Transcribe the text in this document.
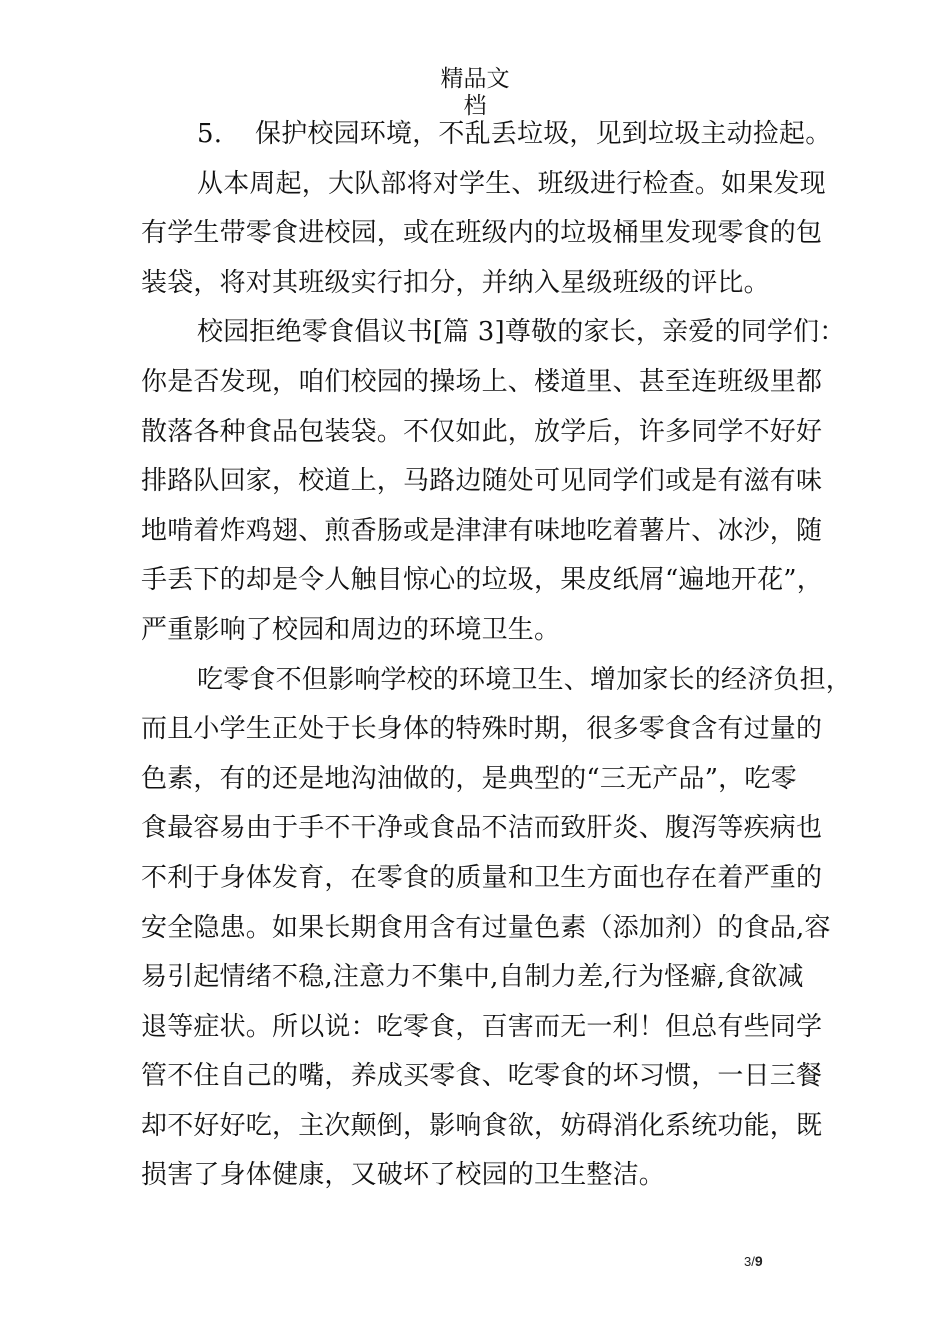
精品文
档
5. 保护校园环境，不乱丢垃圾，见到垃圾主动捡起。
从本周起，大队部将对学生、班级进行检查。如果发现
有学生带零食进校园，或在班级内的垃圾桶里发现零食的包
装袋，将对其班级实行扣分，并纳入星级班级的评比。
校园拒绝零食倡议书[篇 3]尊敬的家长，亲爱的同学们：
你是否发现，咱们校园的操场上、楼道里、甚至连班级里都
散落各种食品包装袋。不仅如此，放学后，许多同学不好好
排路队回家，校道上，马路边随处可见同学们或是有滋有味
地啃着炸鸡翅、煎香肠或是津津有味地吃着薯片、冰沙，随
手丢下的却是令人触目惊心的垃圾，果皮纸屑“遍地开花”，
严重影响了校园和周边的环境卫生。
吃零食不但影响学校的环境卫生、增加家长的经济负担，
而且小学生正处于长身体的特殊时期，很多零食含有过量的
色素，有的还是地沟油做的，是典型的“三无产品”，吃零
食最容易由于手不干净或食品不洁而致肝炎、腹泻等疾病也
不利于身体发育，在零食的质量和卫生方面也存在着严重的
安全隐患。如果长期食用含有过量色素（添加剂）的食品,容
易引起情绪不稳,注意力不集中,自制力差,行为怪癖,食欲减
退等症状。所以说：吃零食，百害而无一利！但总有些同学
管不住自己的嘴，养成买零食、吃零食的坏习惯，一日三餐
却不好好吃，主次颠倒，影响食欲，妨碍消化系统功能，既
损害了身体健康，又破坏了校园的卫生整洁。
3/9
